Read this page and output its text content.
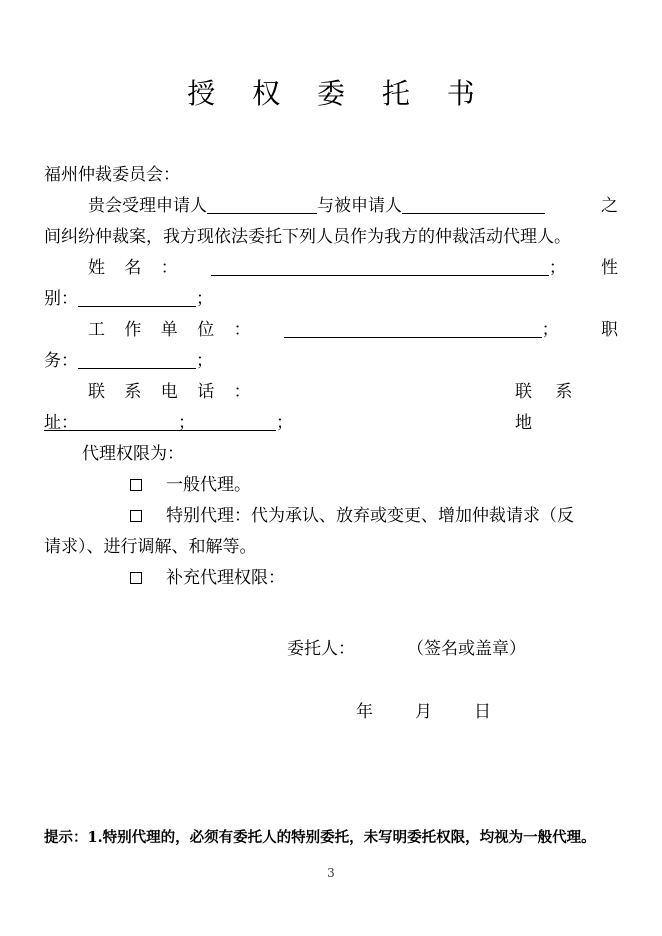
授 权 委 托 书
福州仲裁委员会：
贵会受理申请人	与被申请人	之
间纠纷仲裁案，我方现依法委托下列人员作为我方的仲裁活动代理人。
姓 名 ：	； 性
别：	；
工 作 单 位 ：	； 职
务：	；
联 系 电 话 ：；
联 系 地
址：	；
代理权限为：
一般代理。
特别代理：代为承认、放弃或变更、增加仲裁请求（反
请求）、进行调解、和解等。
补充代理权限：
委托人：	（签名或盖章）
年 月 日
提示：1.特别代理的，必须有委托人的特别委托，未写明委托权限，均视为一般代理。
3
